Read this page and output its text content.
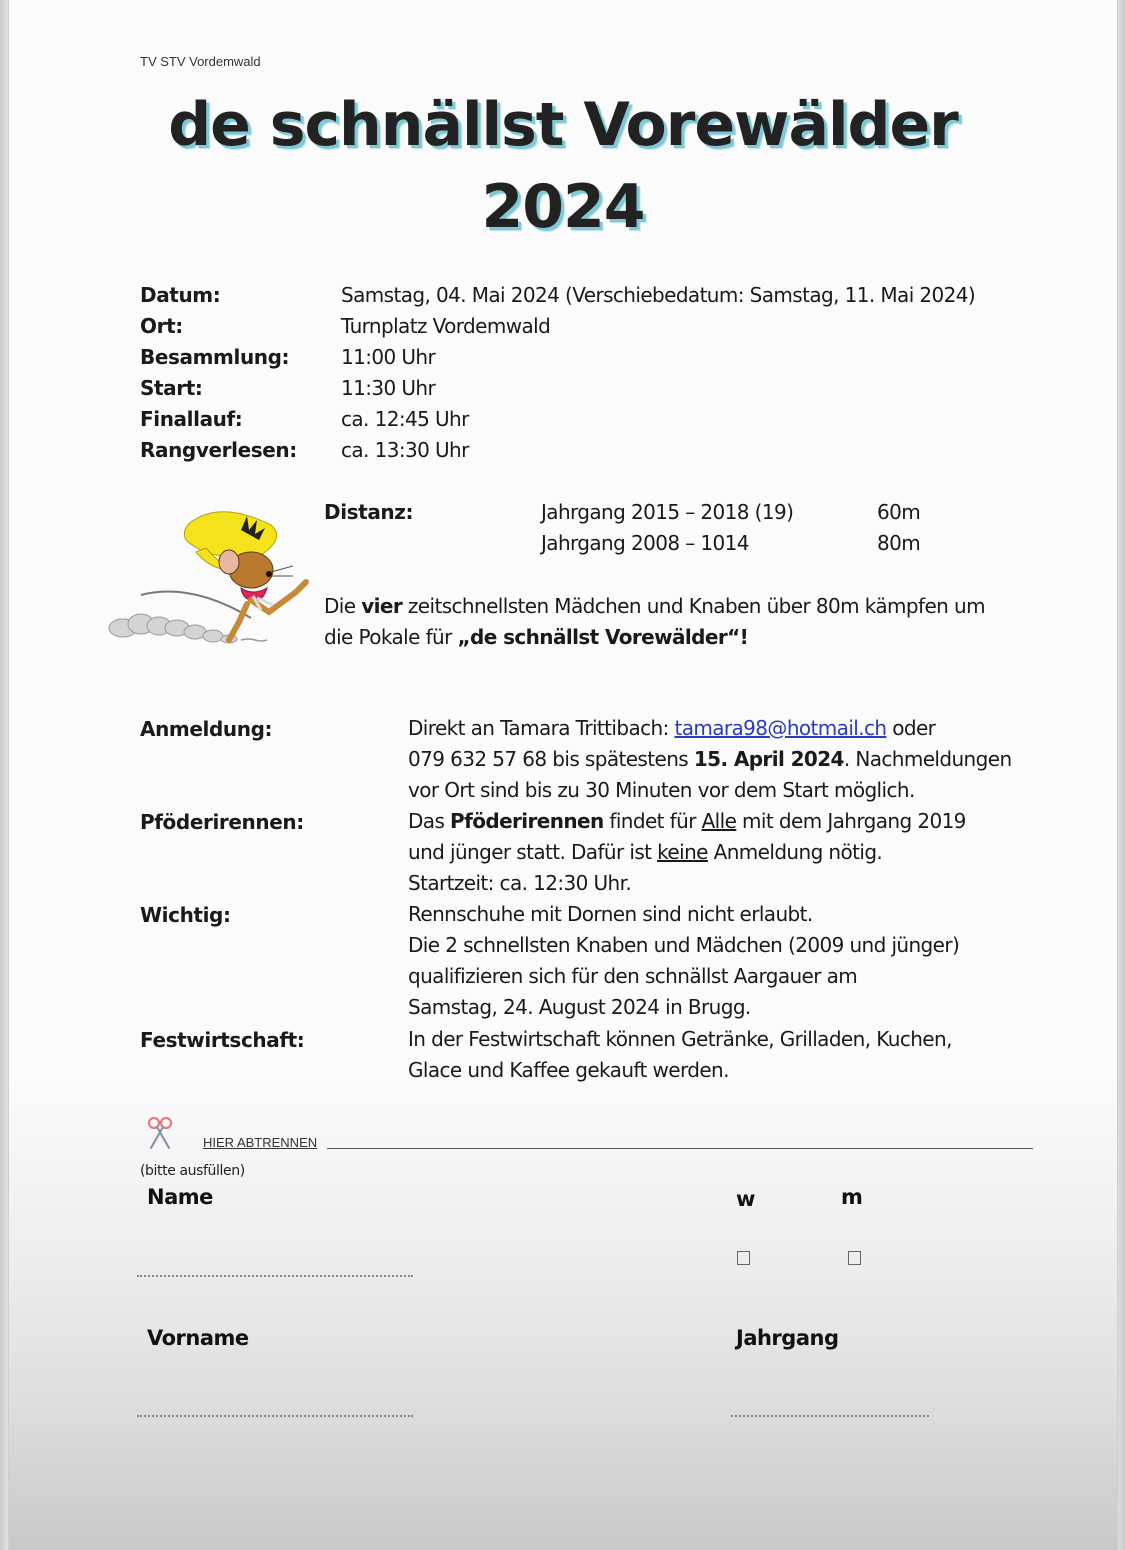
TV STV Vordemwald
de schnällst Vorewälder
2024
Datum:	Samstag, 04. Mai 2024 (Verschiebedatum: Samstag, 11. Mai 2024)
Ort:	Turnplatz Vordemwald
Besammlung:	11:00 Uhr
Start:	11:30 Uhr
Finallauf:	ca. 12:45 Uhr
Rangverlesen: ca. 13:30 Uhr
Distanz:	Jahrgang 2015 – 2018 (19)	60m
Jahrgang 2008 – 1014	80m
Die vier zeitschnellsten Mädchen und Knaben über 80m kämpfen um
die Pokale für „de schnällst Vorewälder“!
Anmeldung:	Direkt an Tamara Trittibach: tamara98@hotmail.ch oder
079 632 57 68 bis spätestens 15. April 2024. Nachmeldungen
vor Ort sind bis zu 30 Minuten vor dem Start möglich.
Pföderirennen:	Das Pföderirennen findet für Alle mit dem Jahrgang 2019
und jünger statt. Dafür ist keine Anmeldung nötig.
Startzeit: ca. 12:30 Uhr.
Wichtig:	Rennschuhe mit Dornen sind nicht erlaubt.
Die 2 schnellsten Knaben und Mädchen (2009 und jünger)
qualifizieren sich für den schnällst Aargauer am
Samstag, 24. August 2024 in Brugg.
Festwirtschaft:	In der Festwirtschaft können Getränke, Grilladen, Kuchen,
Glace und Kaffee gekauft werden.
HIER ABTRENNEN
(bitte ausfüllen)
Name	w	m
Vorname	Jahrgang
